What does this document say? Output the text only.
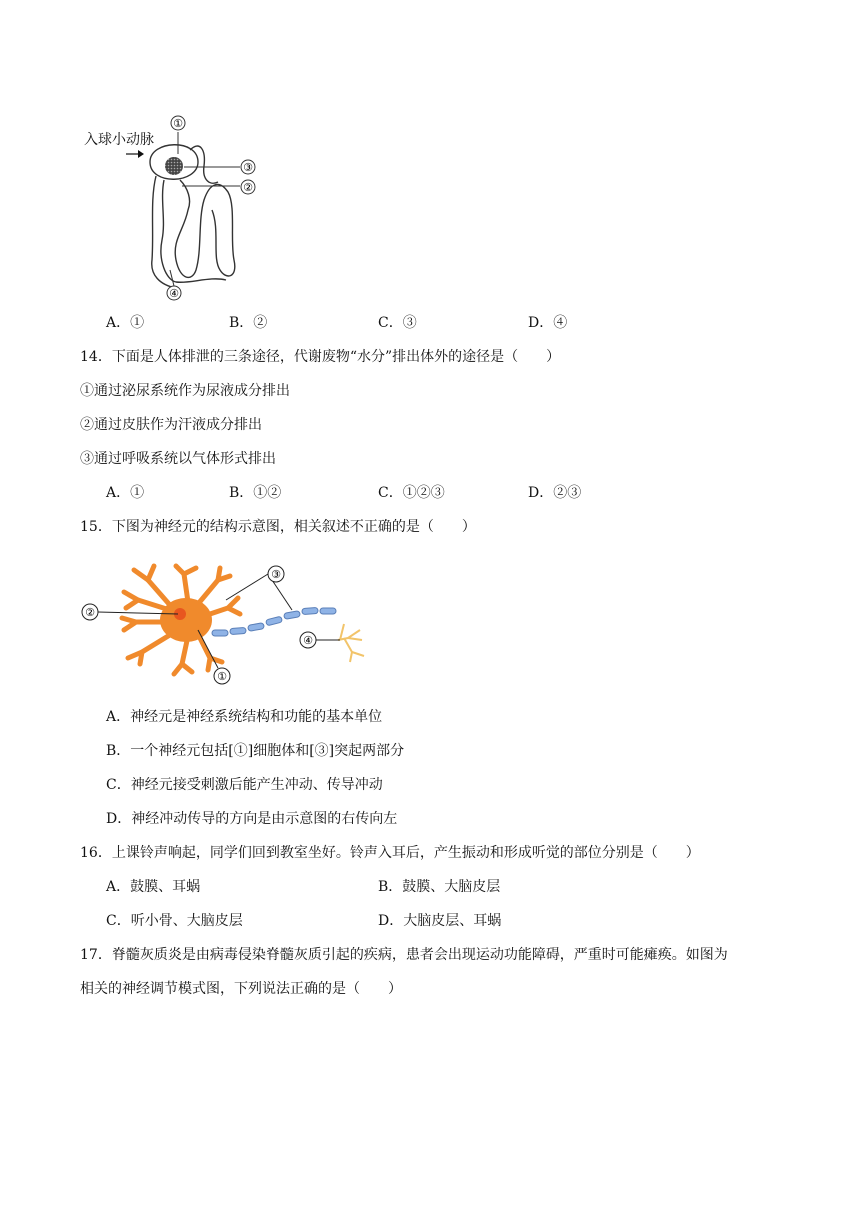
入球小动脉
①
③
②
④
A．①	B．②	C．③	D．④
14．下面是人体排泄的三条途径，代谢废物“水分”排出体外的途径是（　　）
①通过泌尿系统作为尿液成分排出
②通过皮肤作为汗液成分排出
③通过呼吸系统以气体形式排出
A．①	B．①②	C．①②③	D．②③
15．下图为神经元的结构示意图，相关叙述不正确的是（　　）
②
①
③
④
A．神经元是神经系统结构和功能的基本单位
B．一个神经元包括[①]细胞体和[③]突起两部分
C．神经元接受刺激后能产生冲动、传导冲动
D．神经冲动传导的方向是由示意图的右传向左
16．上课铃声响起，同学们回到教室坐好。铃声入耳后，产生振动和形成听觉的部位分别是（　　）
A．鼓膜、耳蜗	B．鼓膜、大脑皮层
C．听小骨、大脑皮层	D．大脑皮层、耳蜗
17．脊髓灰质炎是由病毒侵染脊髓灰质引起的疾病，患者会出现运动功能障碍，严重时可能瘫痪。如图为
相关的神经调节模式图，下列说法正确的是（　　）
